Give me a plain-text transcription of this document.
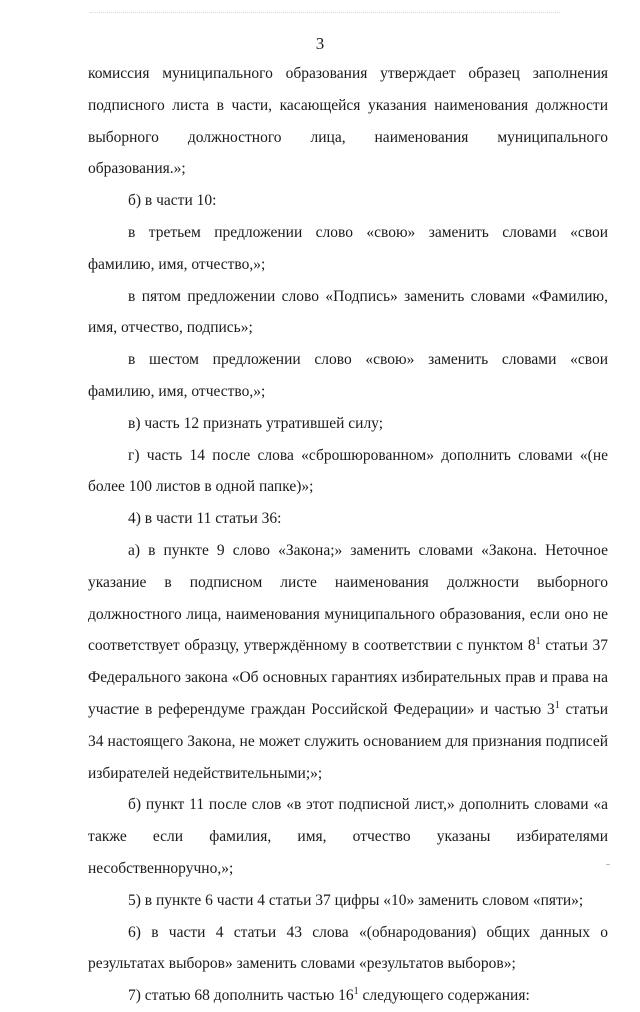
3

комиссия муниципального образования утверждает образец заполнения подписного листа в части, касающейся указания наименования должности выборного должностного лица, наименования муниципального образования.»;

б) в части 10:

в третьем предложении слово «свою» заменить словами «свои фамилию, имя, отчество,»;

в пятом предложении слово «Подпись» заменить словами «Фамилию, имя, отчество, подпись»;

в шестом предложении слово «свою» заменить словами «свои фамилию, имя, отчество,»;

в) часть 12 признать утратившей силу;

г) часть 14 после слова «сброшюрованном» дополнить словами «(не более 100 листов в одной папке)»;

4) в части 11 статьи 36:

а) в пункте 9 слово «Закона;» заменить словами «Закона. Неточное указание в подписном листе наименования должности выборного должностного лица, наименования муниципального образования, если оно не соответствует образцу, утверждённому в соответствии с пунктом $8^1$ статьи 37 Федерального закона «Об основных гарантиях избирательных прав и права на участие в референдуме граждан Российской Федерации» и частью $3^1$ статьи 34 настоящего Закона, не может служить основанием для признания подписей избирателей недействительными;»;

б) пункт 11 после слов «в этот подписной лист,» дополнить словами «а также если фамилия, имя, отчество указаны избирателями несобственноручно,»;

5) в пункте 6 части 4 статьи 37 цифры «10» заменить словом «пяти»;

6) в части 4 статьи 43 слова «(обнародования) общих данных о результатах выборов» заменить словами «результатов выборов»;

7) статью 68 дополнить частью $16^1$ следующего содержания:
